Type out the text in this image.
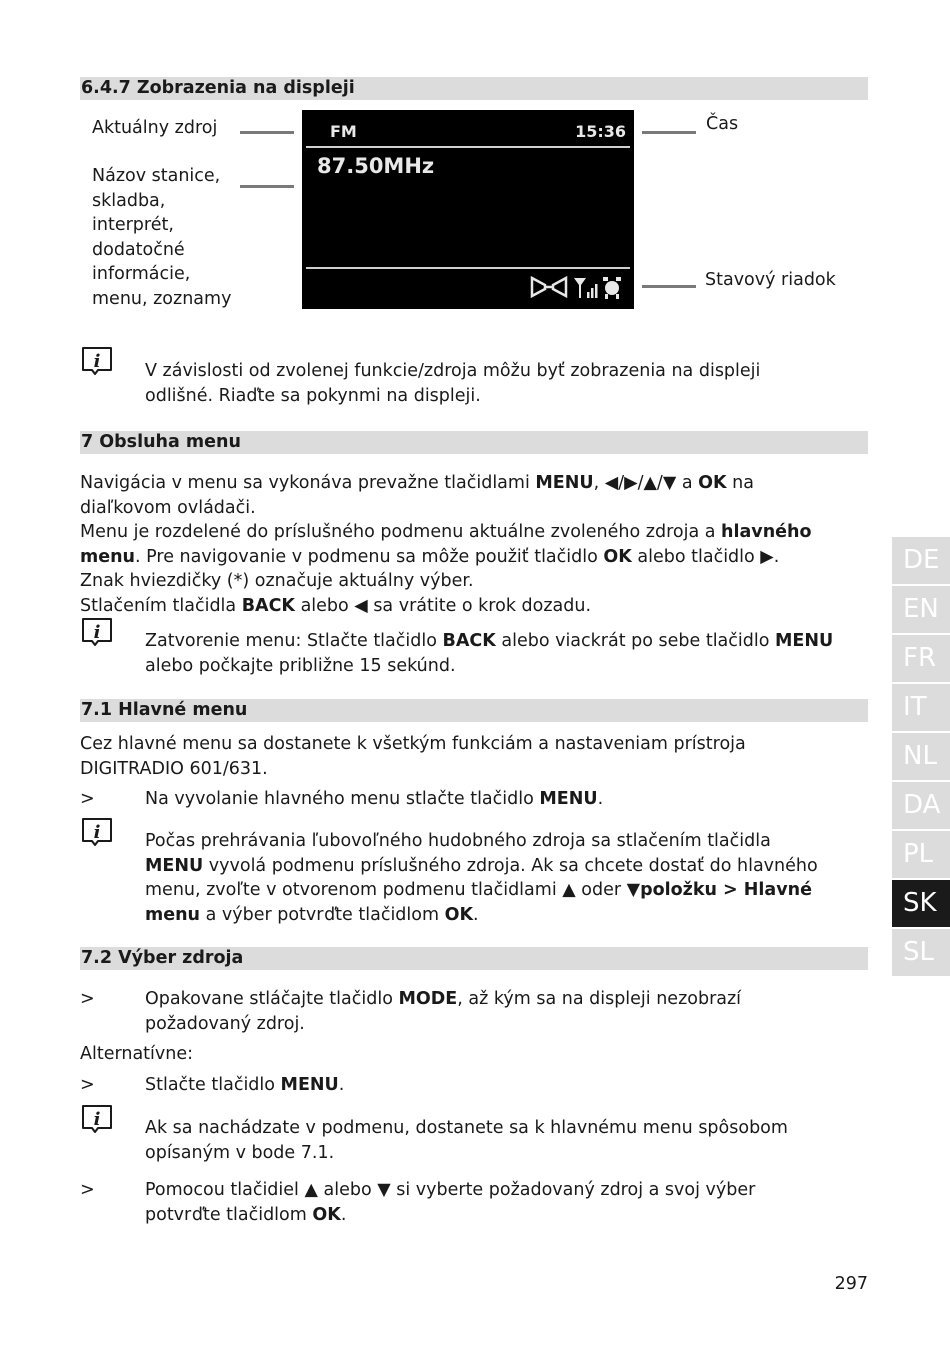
6.4.7 Zobrazenia na displeji
Aktuálny zdroj
Názov stanice,
skladba,
interprét,
dodatočné
informácie,
menu, zoznamy
FM	15:36
87.50MHz
Čas
Stavový riadok
i	V závislosti od zvolenej funkcie/zdroja môžu byť zobrazenia na displeji
odlišné. Riaďte sa pokynmi na displeji.
7 Obsluha menu
Navigácia v menu sa vykonáva prevažne tlačidlami MENU, ◀/▶/▲/▼ a OK na
diaľkovom ovládači.
Menu je rozdelené do príslušného podmenu aktuálne zvoleného zdroja a hlavného
menu. Pre navigovanie v podmenu sa môže použiť tlačidlo OK alebo tlačidlo ▶.
Znak hviezdičky (*) označuje aktuálny výber.
Stlačením tlačidla BACK alebo ◀ sa vrátite o krok dozadu.
i	Zatvorenie menu: Stlačte tlačidlo BACK alebo viackrát po sebe tlačidlo MENU
alebo počkajte približne 15 sekúnd.
7.1 Hlavné menu
Cez hlavné menu sa dostanete k všetkým funkciám a nastaveniam prístroja
DIGITRADIO 601/631.
>	Na vyvolanie hlavného menu stlačte tlačidlo MENU.
i	Počas prehrávania ľubovoľného hudobného zdroja sa stlačením tlačidla
MENU vyvolá podmenu príslušného zdroja. Ak sa chcete dostať do hlavného
menu, zvoľte v otvorenom podmenu tlačidlami ▲ oder ▼položku > Hlavné
menu a výber potvrďte tlačidlom OK.
7.2 Výber zdroja
>	Opakovane stláčajte tlačidlo MODE, až kým sa na displeji nezobrazí
požadovaný zdroj.
Alternatívne:
>	Stlačte tlačidlo MENU.
i	Ak sa nachádzate v podmenu, dostanete sa k hlavnému menu spôsobom
opísaným v bode 7.1.
>	Pomocou tlačidiel ▲ alebo ▼ si vyberte požadovaný zdroj a svoj výber
potvrďte tlačidlom OK.
DE
EN
FR
IT
NL
DA
PL
SK
SL
297
